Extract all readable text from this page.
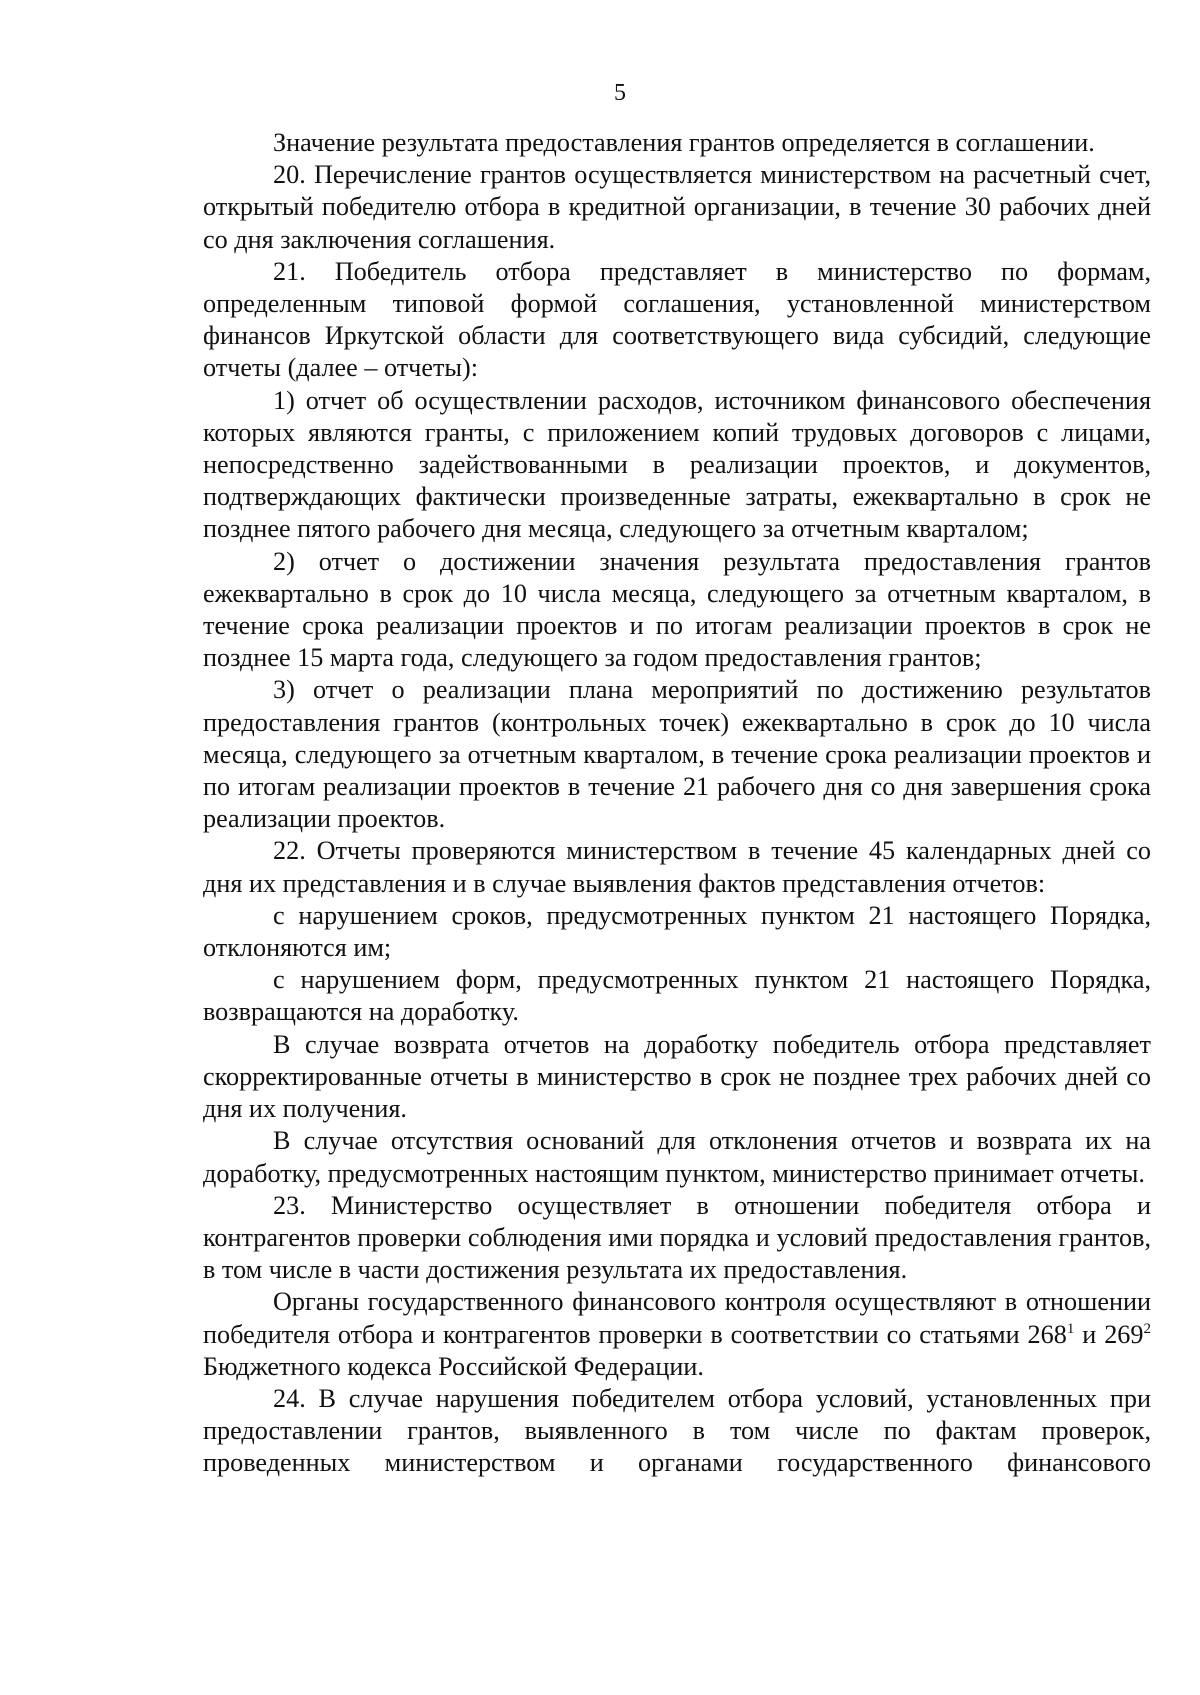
5

Значение результата предоставления грантов определяется в соглашении.

20. Перечисление грантов осуществляется министерством на расчетный счет, открытый победителю отбора в кредитной организации, в течение 30 рабочих дней со дня заключения соглашения.

21. Победитель отбора представляет в министерство по формам, определенным типовой формой соглашения, установленной министерством финансов Иркутской области для соответствующего вида субсидий, следующие отчеты (далее – отчеты):

1) отчет об осуществлении расходов, источником финансового обеспечения которых являются гранты, с приложением копий трудовых договоров с лицами, непосредственно задействованными в реализации проектов, и документов, подтверждающих фактически произведенные затраты, ежеквартально в срок не позднее пятого рабочего дня месяца, следующего за отчетным кварталом;

2) отчет о достижении значения результата предоставления грантов ежеквартально в срок до 10 числа месяца, следующего за отчетным кварталом, в течение срока реализации проектов и по итогам реализации проектов в срок не позднее 15 марта года, следующего за годом предоставления грантов;

3) отчет о реализации плана мероприятий по достижению результатов предоставления грантов (контрольных точек) ежеквартально в срок до 10 числа месяца, следующего за отчетным кварталом, в течение срока реализации проектов и по итогам реализации проектов в течение 21 рабочего дня со дня завершения срока реализации проектов.

22. Отчеты проверяются министерством в течение 45 календарных дней со дня их представления и в случае выявления фактов представления отчетов:

с нарушением сроков, предусмотренных пунктом 21 настоящего Порядка, отклоняются им;

с нарушением форм, предусмотренных пунктом 21 настоящего Порядка, возвращаются на доработку.

В случае возврата отчетов на доработку победитель отбора представляет скорректированные отчеты в министерство в срок не позднее трех рабочих дней со дня их получения.

В случае отсутствия оснований для отклонения отчетов и возврата их на доработку, предусмотренных настоящим пунктом, министерство принимает отчеты.

23. Министерство осуществляет в отношении победителя отбора и контрагентов проверки соблюдения ими порядка и условий предоставления грантов, в том числе в части достижения результата их предоставления.

Органы государственного финансового контроля осуществляют в отношении победителя отбора и контрагентов проверки в соответствии со статьями $268^1$ и $269^2$ Бюджетного кодекса Российской Федерации.

24. В случае нарушения победителем отбора условий, установленных при предоставлении грантов, выявленного в том числе по фактам проверок, проведенных министерством и органами государственного финансового
